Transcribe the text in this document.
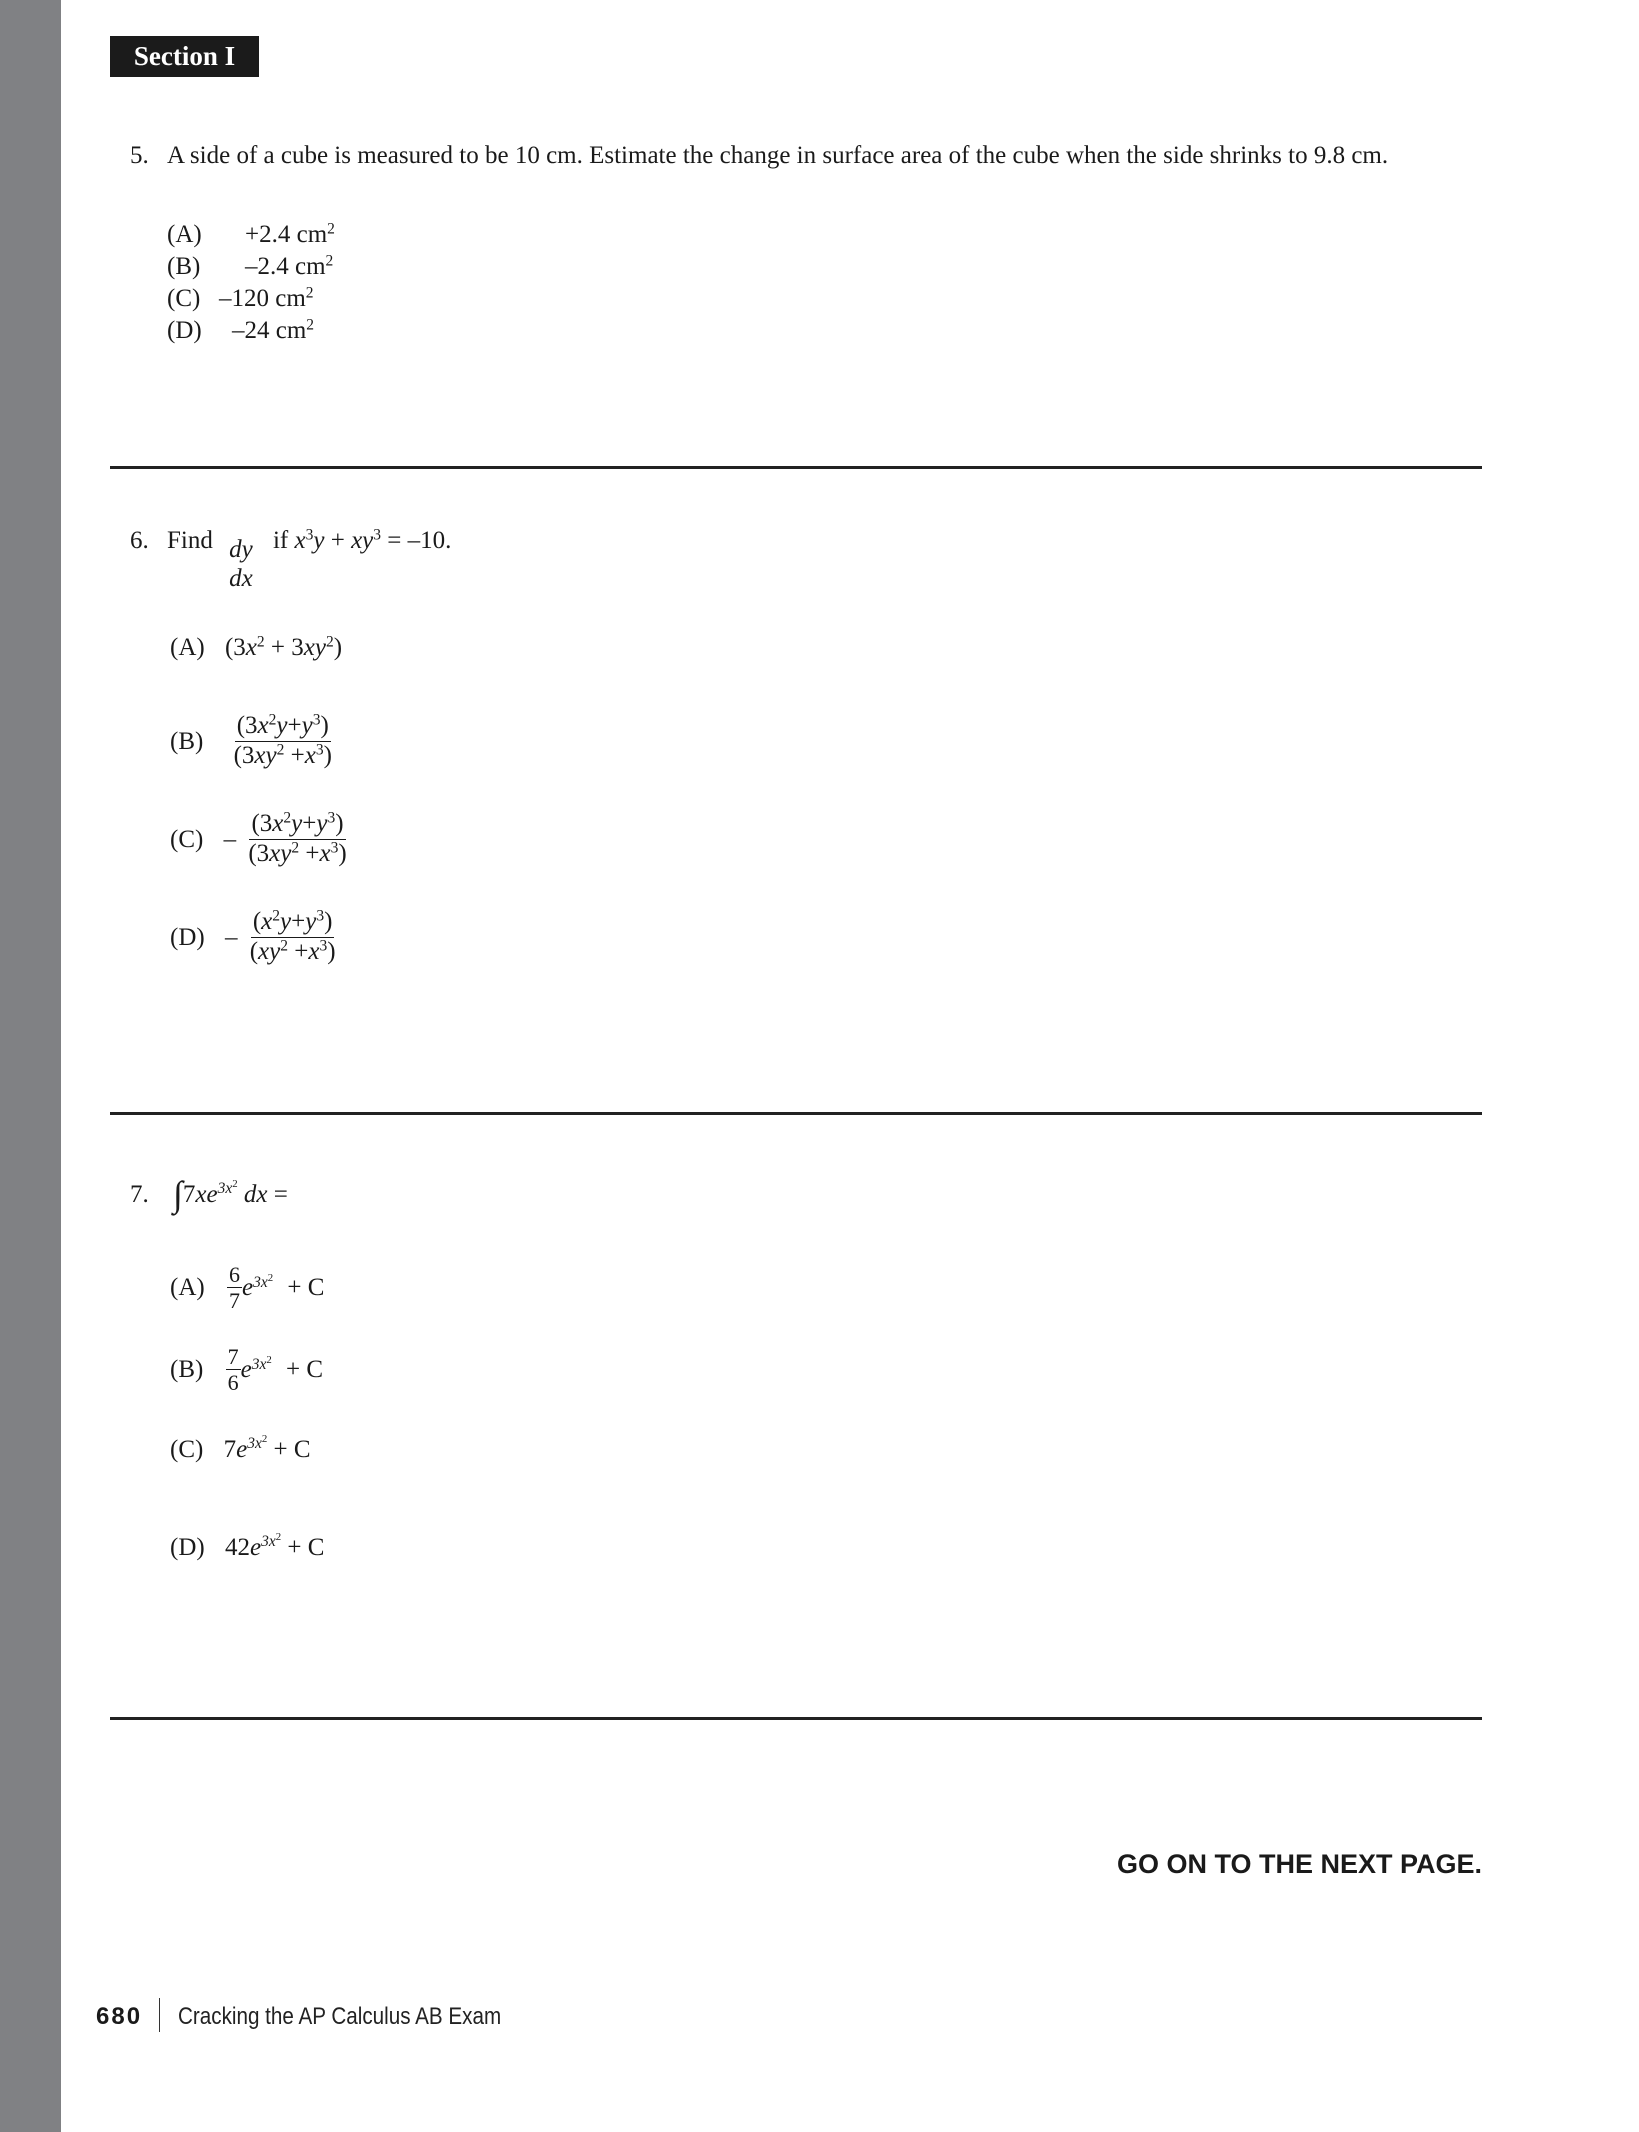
Section I
5. A side of a cube is measured to be 10 cm. Estimate the change in surface area of the cube when the side shrinks to 9.8 cm.
(A) +2.4 $cm^2$
(B) –2.4 $cm^2$
(C) –120 $cm^2$
(D) –24 $cm^2$
6. Find dy
dx
if $x^3y + xy^3 = -10$.
(A) $(3x^2 + 3xy^2)$
$(B) \frac{(3x^2y+y^3)}{(3xy^2 +x^3)}$
$(C) - \frac{(3x^2y+y^3)}{(3xy^2 +x^3)}$
$(D) - \frac{(x^2y+y^3)}{(xy^2 +x^3)}$
7. $\int 7xe^{3x^2}$ dx =
$(A) \frac{6}{7} e^{3x^2} + C$
$(B) \frac{7}{6} e^{3x^2} + C$
(C) $7e^{3x^2} + C$
(D) $42e^{3x^2} + C$
GO ON TO THE NEXT PAGE.
680 Cracking the AP Calculus AB Exam
